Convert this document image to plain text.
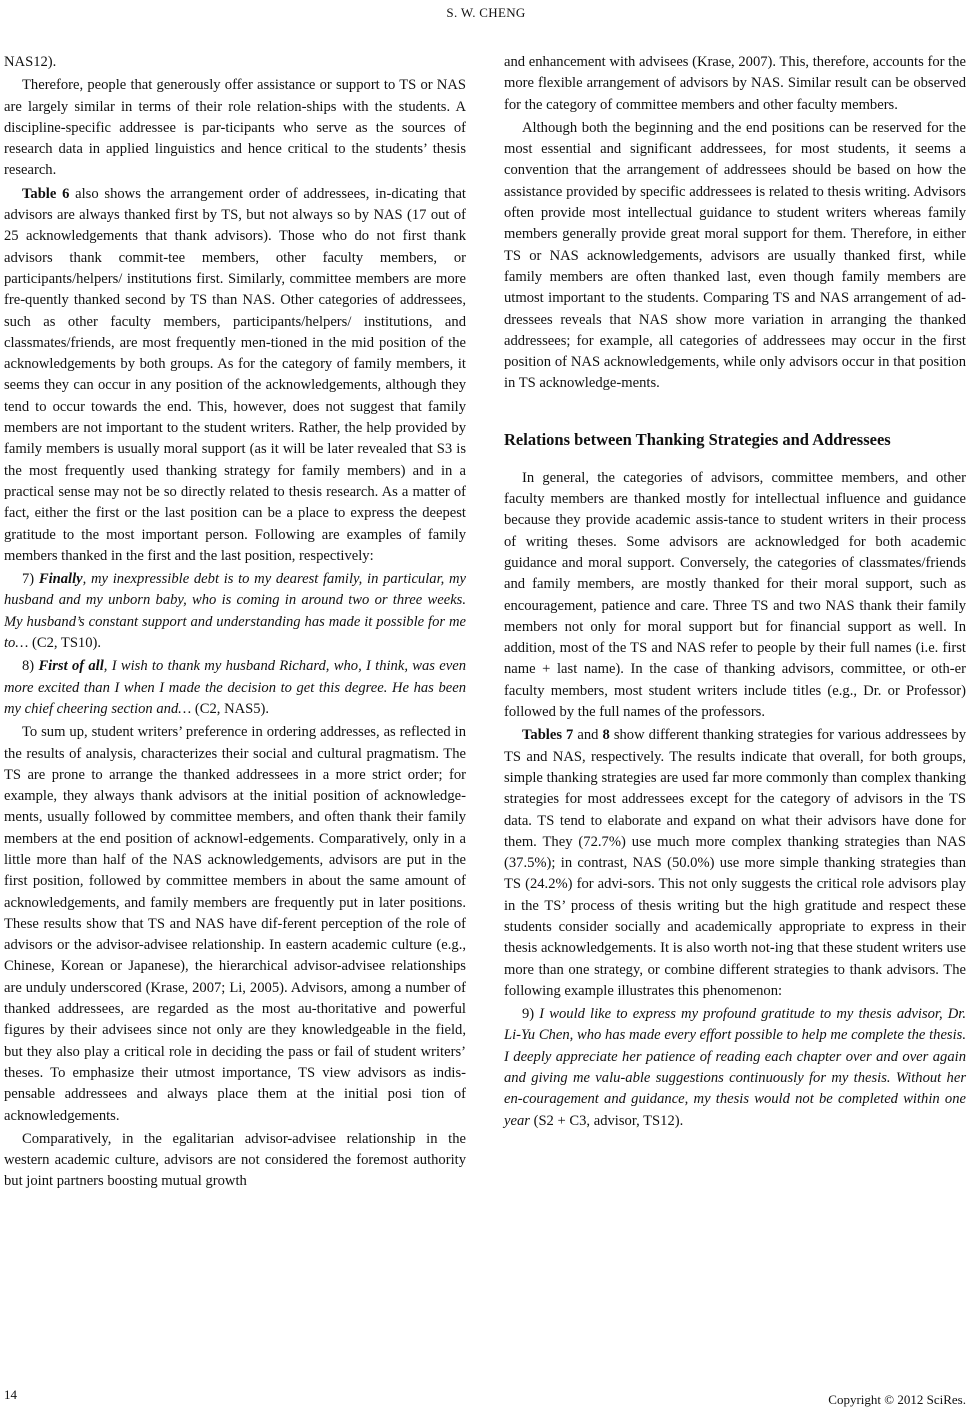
S. W. CHENG

NAS12).

Therefore, people that generously offer assistance or support to TS or NAS are largely similar in terms of their role relation-ships with the students. A discipline-specific addressee is par-ticipants who serve as the sources of research data in applied linguistics and hence critical to the students’ thesis research.

Table 6 also shows the arrangement order of addressees, in-dicating that advisors are always thanked first by TS, but not always so by NAS (17 out of 25 acknowledgements that thank advisors). Those who do not first thank advisors thank commit-tee members, other faculty members, or participants/helpers/ institutions first. Similarly, committee members are more fre-quently thanked second by TS than NAS. Other categories of addressees, such as other faculty members, participants/helpers/ institutions, and classmates/friends, are most frequently men-tioned in the mid position of the acknowledgements by both groups. As for the category of family members, it seems they can occur in any position of the acknowledgements, although they tend to occur towards the end. This, however, does not suggest that family members are not important to the student writers. Rather, the help provided by family members is usually moral support (as it will be later revealed that S3 is the most frequently used thanking strategy for family members) and in a practical sense may not be so directly related to thesis research. As a matter of fact, either the first or the last position can be a place to express the deepest gratitude to the most important person. Following are examples of family members thanked in the first and the last position, respectively:

7) Finally, my inexpressible debt is to my dearest family, in particular, my husband and my unborn baby, who is coming in around two or three weeks. My husband’s constant support and understanding has made it possible for me to… (C2, TS10).

8) First of all, I wish to thank my husband Richard, who, I think, was even more excited than I when I made the decision to get this degree. He has been my chief cheering section and… (C2, NAS5).

To sum up, student writers’ preference in ordering addresses, as reflected in the results of analysis, characterizes their social and cultural pragmatism. The TS are prone to arrange the thanked addressees in a more strict order; for example, they always thank advisors at the initial position of acknowledge-ments, usually followed by committee members, and often thank their family members at the end position of acknowl-edgements. Comparatively, only in a little more than half of the NAS acknowledgements, advisors are put in the first position, followed by committee members in about the same amount of acknowledgements, and family members are frequently put in later positions. These results show that TS and NAS have dif-ferent perception of the role of advisors or the advisor-advisee relationship. In eastern academic culture (e.g., Chinese, Korean or Japanese), the hierarchical advisor-advisee relationships are unduly underscored (Krase, 2007; Li, 2005). Advisors, among a number of thanked addressees, are regarded as the most au-thoritative and powerful figures by their advisees since not only are they knowledgeable in the field, but they also play a critical role in deciding the pass or fail of student writers’ theses. To emphasize their utmost importance, TS view advisors as indis-pensable addressees and always place them at the initial posi tion of acknowledgements.

Comparatively, in the egalitarian advisor-advisee relationship in the western academic culture, advisors are not considered the foremost authority but joint partners boosting mutual growth

and enhancement with advisees (Krase, 2007). This, therefore, accounts for the more flexible arrangement of advisors by NAS. Similar result can be observed for the category of committee members and other faculty members.

Although both the beginning and the end positions can be reserved for the most essential and significant addressees, for most students, it seems a convention that the arrangement of addressees should be based on how the assistance provided by specific addressees is related to thesis writing. Advisors often provide most intellectual guidance to student writers whereas family members generally provide great moral support for them. Therefore, in either TS or NAS acknowledgements, advisors are usually thanked first, while family members are often thanked last, even though family members are utmost important to the students. Comparing TS and NAS arrangement of ad-dressees reveals that NAS show more variation in arranging the thanked addressees; for example, all categories of addressees may occur in the first position of NAS acknowledgements, while only advisors occur in that position in TS acknowledge-ments.

Relations between Thanking Strategies and Addressees

In general, the categories of advisors, committee members, and other faculty members are thanked mostly for intellectual influence and guidance because they provide academic assis-tance to student writers in their process of writing theses. Some advisors are acknowledged for both academic guidance and moral support. Conversely, the categories of classmates/friends and family members, are mostly thanked for their moral support, such as encouragement, patience and care. Three TS and two NAS thank their family members not only for moral support but for financial support as well. In addition, most of the TS and NAS refer to people by their full names (i.e. first name + last name). In the case of thanking advisors, committee, or oth-er faculty members, most student writers include titles (e.g., Dr. or Professor) followed by the full names of the professors.

Tables 7 and 8 show different thanking strategies for various addressees by TS and NAS, respectively. The results indicate that overall, for both groups, simple thanking strategies are used far more commonly than complex thanking strategies for most addressees except for the category of advisors in the TS data. TS tend to elaborate and expand on what their advisors have done for them. They (72.7%) use much more complex thanking strategies than NAS (37.5%); in contrast, NAS (50.0%) use more simple thanking strategies than TS (24.2%) for advi-sors. This not only suggests the critical role advisors play in the TS’ process of thesis writing but the high gratitude and respect these students consider socially and academically appropriate to express in their thesis acknowledgements. It is also worth not-ing that these student writers use more than one strategy, or combine different strategies to thank advisors. The following example illustrates this phenomenon:

9) I would like to express my profound gratitude to my thesis advisor, Dr. Li-Yu Chen, who has made every effort possible to help me complete the thesis. I deeply appreciate her patience of reading each chapter over and over again and giving me valu-able suggestions continuously for my thesis. Without her en-couragement and guidance, my thesis would not be completed within one year (S2 + C3, advisor, TS12).

14	Copyright © 2012 SciRes.
